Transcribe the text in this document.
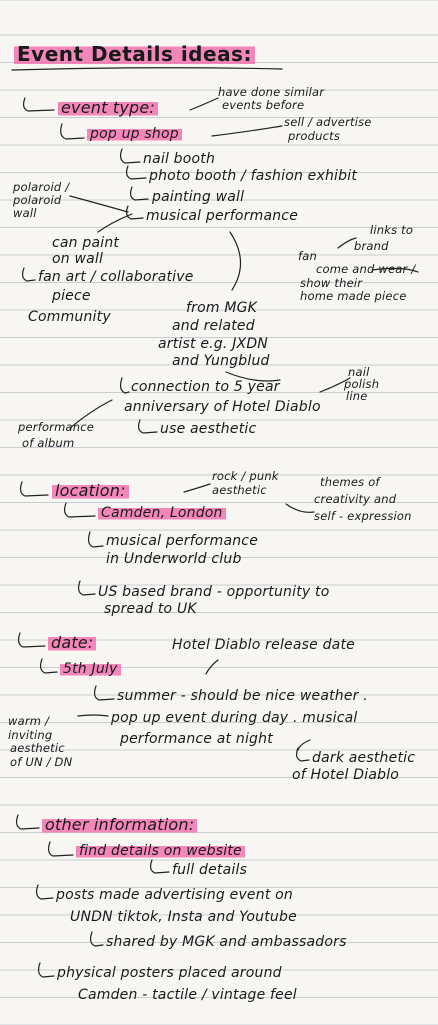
Event Details ideas:
event type:
have done similar
events before
pop up shop
sell / advertise
products
nail booth
photo booth / fashion exhibit
polaroid /
polaroid
wall
painting wall
musical performance
links to
brand
can paint
on wall	fan
come and wear /
show their
home made piece
fan art / collaborative
piece
Community
from MGK
and related
artist e.g. JXDN
and Yungblud
nail
polish
line
connection to 5 year
anniversary of Hotel Diablo
performance
of album
use aesthetic
location:
rock / punk
aesthetic
themes of
creativity and
self - expression
Camden, London
musical performance
in Underworld club
US based brand - opportunity to
spread to UK
date:	Hotel Diablo release date
5th July
summer - should be nice weather .
pop up event during day . musical
performance at night
warm /
inviting
aesthetic
of UN / DN	dark aesthetic
of Hotel Diablo
other information:
find details on website
full details
posts made advertising event on
UNDN tiktok, Insta and Youtube
shared by MGK and ambassadors
physical posters placed around
Camden - tactile / vintage feel
